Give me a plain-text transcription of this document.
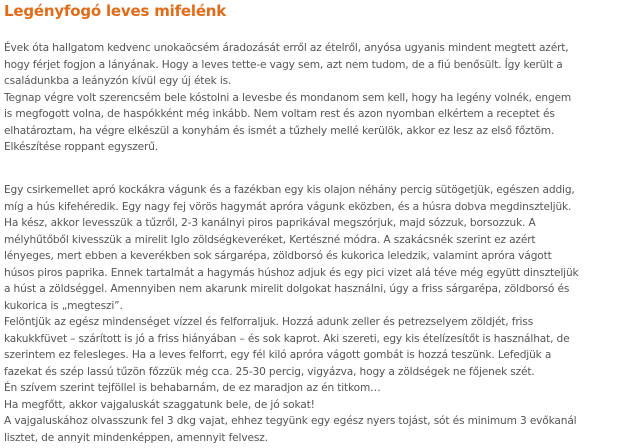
Legényfogó leves mifelénk

Évek óta hallgatom kedvenc unokaöcsém áradozását erről az ételről, anyósa ugyanis mindent megtett azért,

hogy férjet fogjon a lányának. Hogy a leves tette-e vagy sem, azt nem tudom, de a fiú benősült. Így került a

családunkba a leányzón kívül egy új étek is.

Tegnap végre volt szerencsém bele kóstolni a levesbe és mondanom sem kell, hogy ha legény volnék, engem

is megfogott volna, de haspókként még inkább. Nem voltam rest és azon nyomban elkértem a receptet és

elhatároztam, ha végre elkészül a konyhám és ismét a tűzhely mellé kerülök, akkor ez lesz az első főztöm.

Elkészítése roppant egyszerű.

Egy csirkemellet apró kockákra vágunk és a fazékban egy kis olajon néhány percig sütögetjük, egészen addig,

míg a hús kifehéredik. Egy nagy fej vörös hagymát apróra vágunk eközben, és a húsra dobva megdinszteljük.

Ha kész, akkor levesszük a tűzről, 2-3 kanálnyi piros paprikával megszórjuk, majd sózzuk, borsozzuk. A

mélyhűtőből kivesszük a mirelit Iglo zöldségkeveréket, Kertészné módra. A szakácsnék szerint ez azért

lényeges, mert ebben a keverékben sok sárgarépa, zöldborsó és kukorica leledzik, valamint apróra vágott

húsos piros paprika. Ennek tartalmát a hagymás húshoz adjuk és egy pici vizet alá téve még együtt dinszteljük

a húst a zöldséggel. Amennyiben nem akarunk mirelit dolgokat használni, úgy a friss sárgarépa, zöldborsó és

kukorica is „megteszi”.

Felöntjük az egész mindenséget vízzel és felforraljuk. Hozzá adunk zeller és petrezselyem zöldjét, friss

kakukkfüvet – szárított is jó a friss hiányában – és sok kaprot. Aki szereti, egy kis ételízesítőt is használhat, de

szerintem ez felesleges. Ha a leves felforrt, egy fél kiló apróra vágott gombát is hozzá teszünk. Lefedjük a

fazekat és szép lassú tűzön főzzük még cca. 25-30 percig, vigyázva, hogy a zöldségek ne főjenek szét.

Én szívem szerint tejföllel is behabarnám, de ez maradjon az én titkom…

Ha megfőtt, akkor vajgaluskát szaggatunk bele, de jó sokat!

A vajgaluskához olvasszunk fel 3 dkg vajat, ehhez tegyünk egy egész nyers tojást, sót és minimum 3 evőkanál

lisztet, de annyit mindenképpen, amennyit felvesz.
